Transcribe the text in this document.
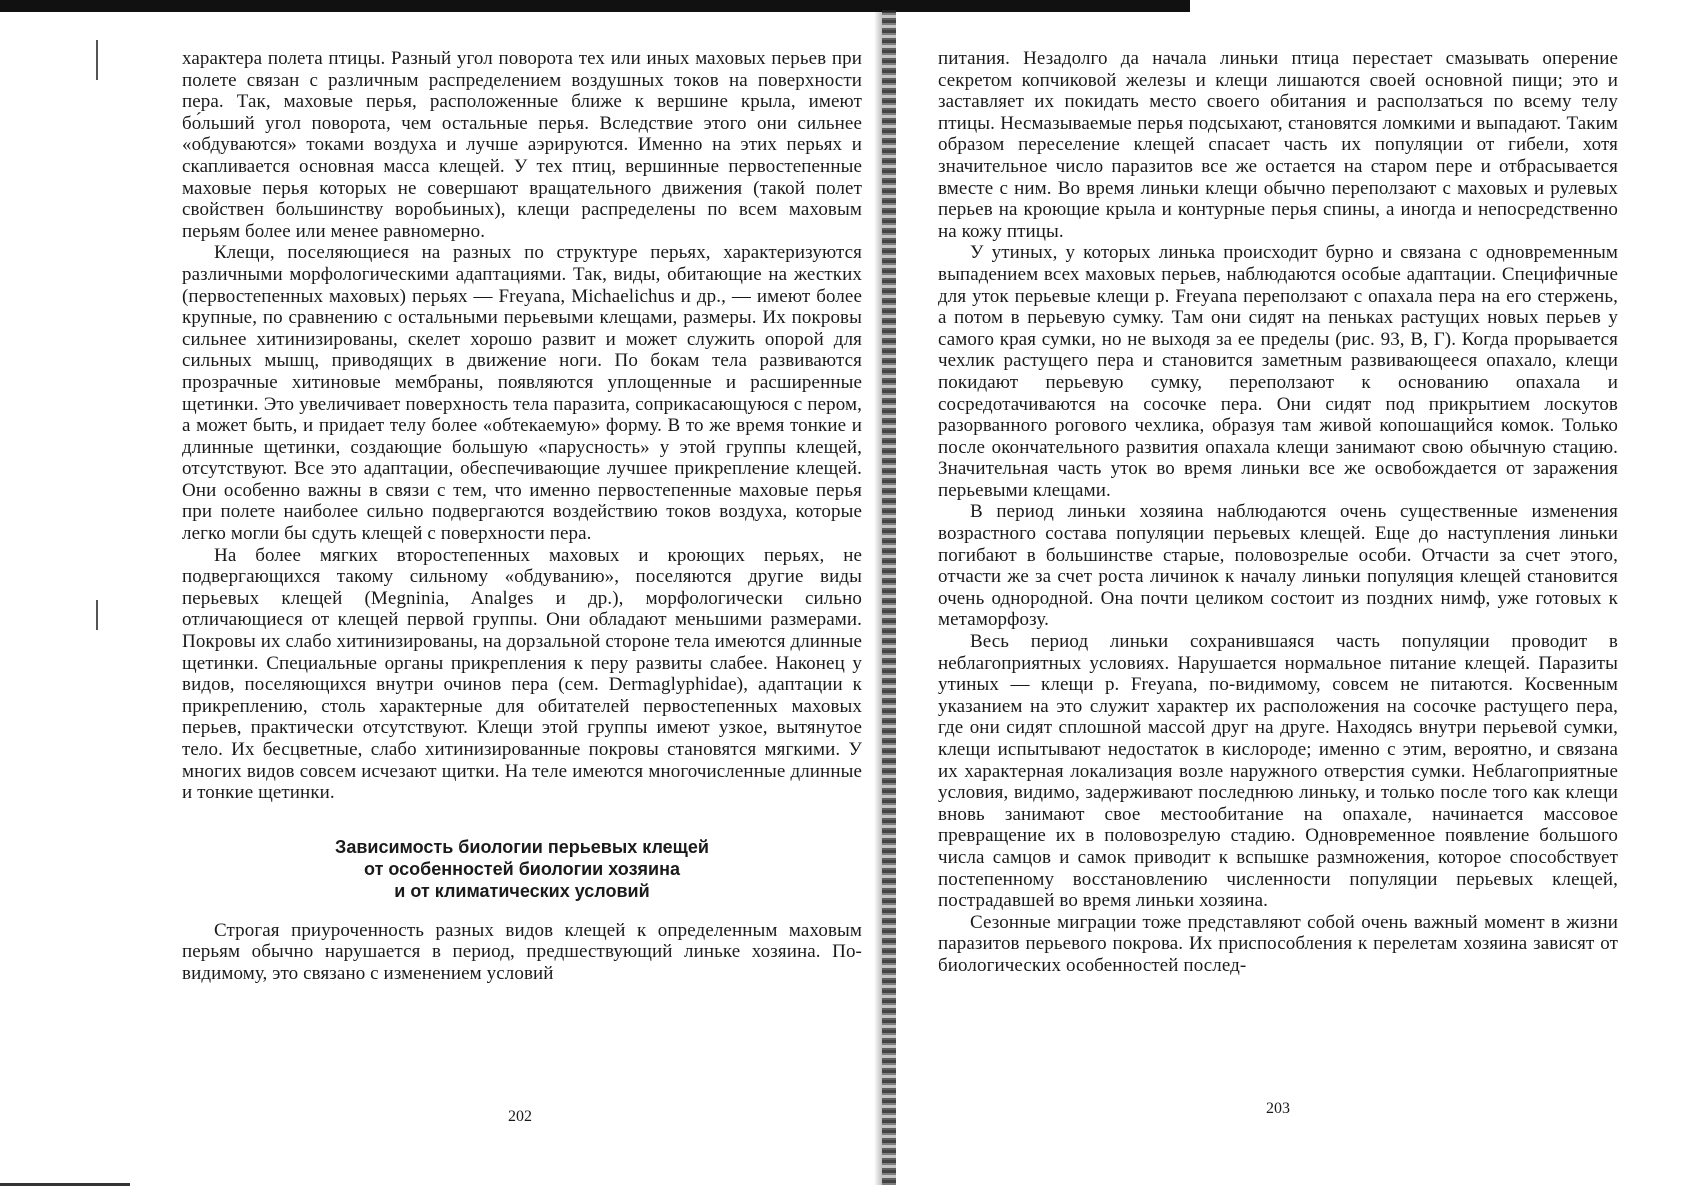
характера полета птицы. Разный угол поворота тех или иных маховых перьев при полете связан с различным распределением воздушных токов на поверхности пера. Так, маховые перья, расположенные ближе к вершине крыла, имеют бо́льший угол поворота, чем остальные перья. Вследствие этого они сильнее «обдуваются» токами воздуха и лучше аэрируются. Именно на этих перьях и скапливается основная масса клещей. У тех птиц, вершинные первостепенные маховые перья которых не совершают вращательного движения (такой полет свойствен большинству воробьиных), клещи распределены по всем маховым перьям более или менее равномерно.

Клещи, поселяющиеся на разных по структуре перьях, характеризуются различными морфологическими адаптациями. Так, виды, обитающие на жестких (первостепенных маховых) перьях — Freyana, Michaelichus и др., — имеют более крупные, по сравнению с остальными перьевыми клещами, размеры. Их покровы сильнее хитинизированы, скелет хорошо развит и может служить опорой для сильных мышц, приводящих в движение ноги. По бокам тела развиваются прозрачные хитиновые мембраны, появляются уплощенные и расширенные щетинки. Это увеличивает поверхность тела паразита, соприкасающуюся с пером, а может быть, и придает телу более «обтекаемую» форму. В то же время тонкие и длинные щетинки, создающие большую «парусность» у этой группы клещей, отсутствуют. Все это адаптации, обеспечивающие лучшее прикрепление клещей. Они особенно важны в связи с тем, что именно первостепенные маховые перья при полете наиболее сильно подвергаются воздействию токов воздуха, которые легко могли бы сдуть клещей с поверхности пера.

На более мягких второстепенных маховых и кроющих перьях, не подвергающихся такому сильному «обдуванию», поселяются другие виды перьевых клещей (Megninia, Analges и др.), морфологически сильно отличающиеся от клещей первой группы. Они обладают меньшими размерами. Покровы их слабо хитинизированы, на дорзальной стороне тела имеются длинные щетинки. Специальные органы прикрепления к перу развиты слабее. Наконец у видов, поселяющихся внутри очинов пера (сем. Dermaglyphidae), адаптации к прикреплению, столь характерные для обитателей первостепенных маховых перьев, практически отсутствуют. Клещи этой группы имеют узкое, вытянутое тело. Их бесцветные, слабо хитинизированные покровы становятся мягкими. У многих видов совсем исчезают щитки. На теле имеются многочисленные длинные и тонкие щетинки.

Зависимость биологии перьевых клещей
от особенностей биологии хозяина
и от климатических условий

Строгая приуроченность разных видов клещей к определенным маховым перьям обычно нарушается в период, предшествующий линьке хозяина. По-видимому, это связано с изменением условий

202

питания. Незадолго да начала линьки птица перестает смазывать оперение секретом копчиковой железы и клещи лишаются своей основной пищи; это и заставляет их покидать место своего обитания и расползаться по всему телу птицы. Несмазываемые перья подсыхают, становятся ломкими и выпадают. Таким образом переселение клещей спасает часть их популяции от гибели, хотя значительное число паразитов все же остается на старом пере и отбрасывается вместе с ним. Во время линьки клещи обычно переползают с маховых и рулевых перьев на кроющие крыла и контурные перья спины, а иногда и непосредственно на кожу птицы.

У утиных, у которых линька происходит бурно и связана с одновременным выпадением всех маховых перьев, наблюдаются особые адаптации. Специфичные для уток перьевые клещи р. Freyana переползают с опахала пера на его стержень, а потом в перьевую сумку. Там они сидят на пеньках растущих новых перьев у самого края сумки, но не выходя за ее пределы (рис. 93, В, Г). Когда прорывается чехлик растущего пера и становится заметным развивающееся опахало, клещи покидают перьевую сумку, переползают к основанию опахала и сосредотачиваются на сосочке пера. Они сидят под прикрытием лоскутов разорванного рогового чехлика, образуя там живой копошащийся комок. Только после окончательного развития опахала клещи занимают свою обычную стацию. Значительная часть уток во время линьки все же освобождается от заражения перьевыми клещами.

В период линьки хозяина наблюдаются очень существенные изменения возрастного состава популяции перьевых клещей. Еще до наступления линьки погибают в большинстве старые, половозрелые особи. Отчасти за счет этого, отчасти же за счет роста личинок к началу линьки популяция клещей становится очень однородной. Она почти целиком состоит из поздних нимф, уже готовых к метаморфозу.

Весь период линьки сохранившаяся часть популяции проводит в неблагоприятных условиях. Нарушается нормальное питание клещей. Паразиты утиных — клещи р. Freyana, по-видимому, совсем не питаются. Косвенным указанием на это служит характер их расположения на сосочке растущего пера, где они сидят сплошной массой друг на друге. Находясь внутри перьевой сумки, клещи испытывают недостаток в кислороде; именно с этим, вероятно, и связана их характерная локализация возле наружного отверстия сумки. Неблагоприятные условия, видимо, задерживают последнюю линьку, и только после того как клещи вновь занимают свое местообитание на опахале, начинается массовое превращение их в половозрелую стадию. Одновременное появление большого числа самцов и самок приводит к вспышке размножения, которое способствует постепенному восстановлению численности популяции перьевых клещей, пострадавшей во время линьки хозяина.

Сезонные миграции тоже представляют собой очень важный момент в жизни паразитов перьевого покрова. Их приспособления к перелетам хозяина зависят от биологических особенностей послед-

203
